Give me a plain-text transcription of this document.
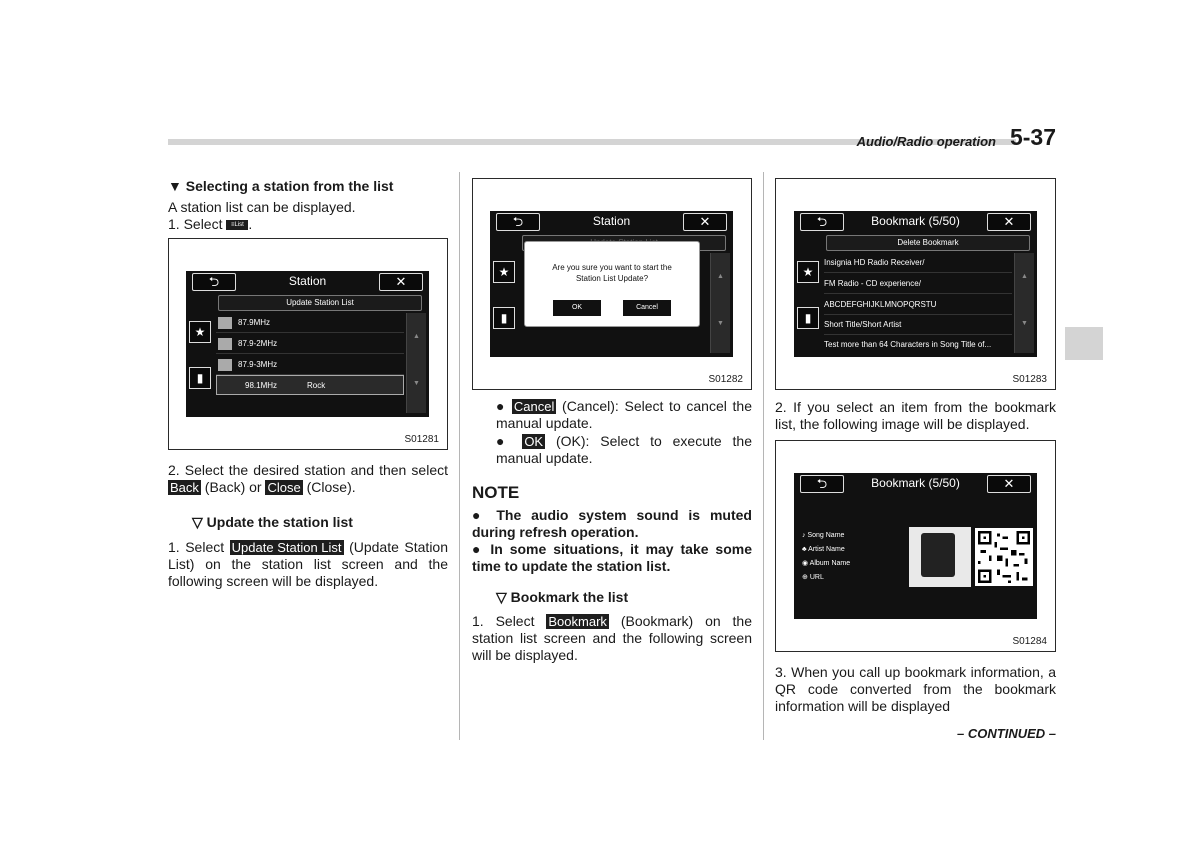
Audio/Radio operation 5-37
▼ Selecting a station from the list
A station list can be displayed.
1. Select ≡List .
⮌	Station	✕
Update Station List
★
▮
87.9MHz
87.9-2MHz
87.9-3MHz
98.1MHz	Rock
▲
▼
S01281
2. Select the desired station and then select Back (Back) or Close (Close).
▽ Update the station list
1. Select Update Station List (Update Station List) on the station list screen and the following screen will be displayed.
⮌	Station	✕
★
▮
▲
▼
Are you sure you want to start the
Station List Update?
OK	Cancel
S01282
● Cancel (Cancel): Select to cancel the manual update.
● OK (OK): Select to execute the manual update.
NOTE
● The audio system sound is muted during refresh operation.
● In some situations, it may take some time to update the station list.
▽ Bookmark the list
1. Select Bookmark (Bookmark) on the station list screen and the following screen will be displayed.
⮌	Bookmark (5/50)	✕
Delete Bookmark
★
▮
Insignia HD Radio Receiver/
FM Radio - CD experience/
ABCDEFGHIJKLMNOPQRSTU
Short Title/Short Artist
Test more than 64 Characters in Song Title of...
▲
▼
S01283
2. If you select an item from the bookmark list, the following image will be displayed.
⮌	Bookmark (5/50)	✕
♪ Song Name
♣ Artist Name
◉ Album Name
⊕ URL
S01284
3. When you call up bookmark information, a QR code converted from the bookmark information will be displayed
– CONTINUED –
